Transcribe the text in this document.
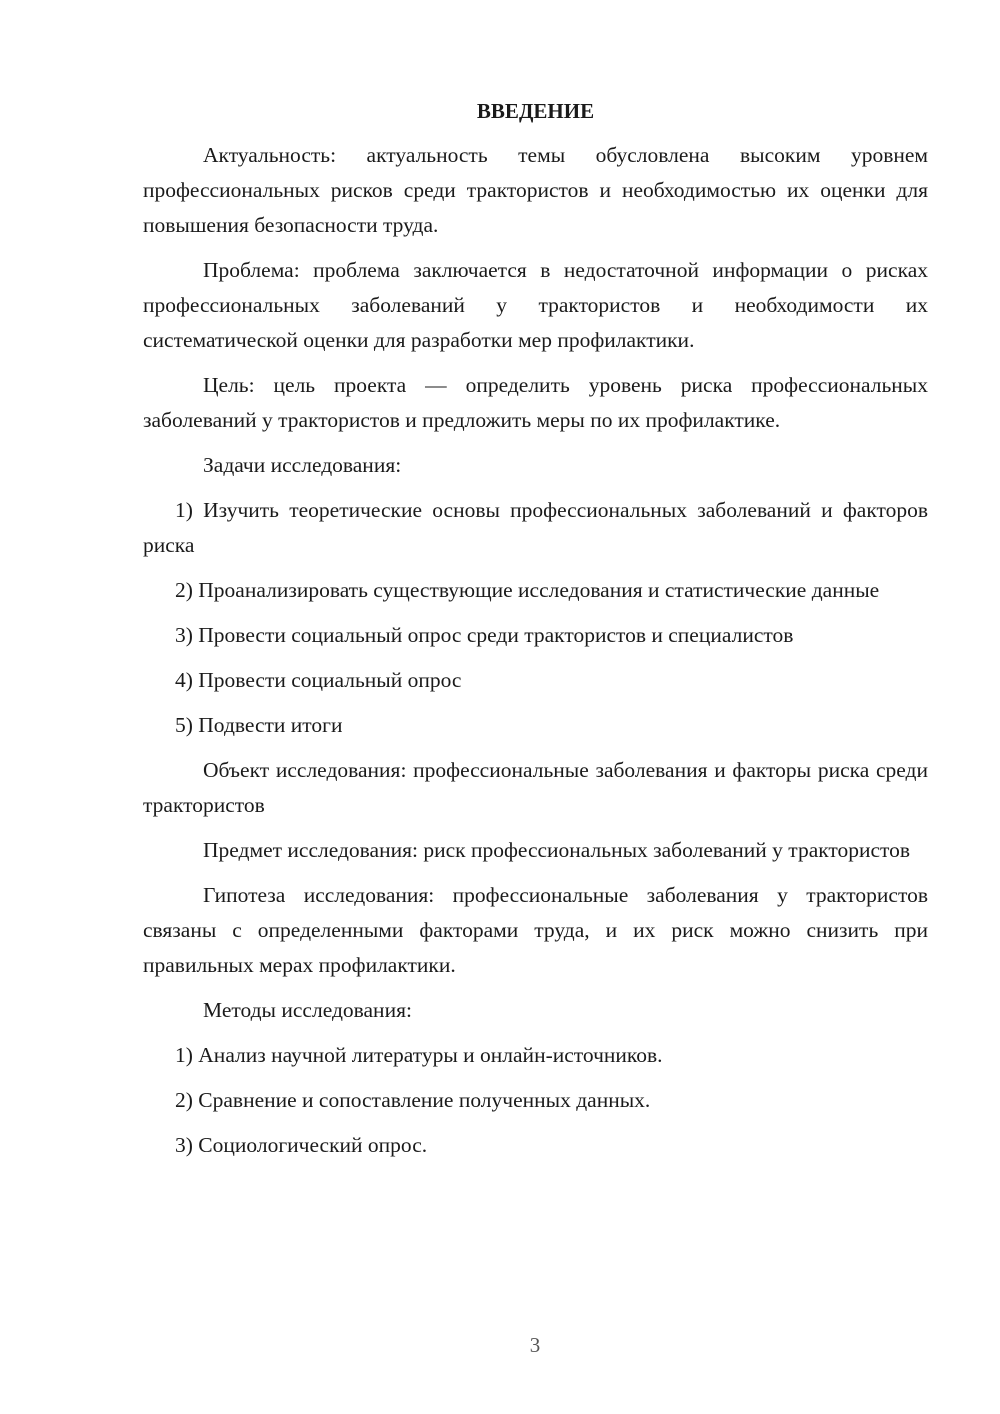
ВВЕДЕНИЕ

Актуальность: актуальность темы обусловлена высоким уровнем профессиональных рисков среди трактористов и необходимостью их оценки для повышения безопасности труда.

Проблема: проблема заключается в недостаточной информации о рисках профессиональных заболеваний у трактористов и необходимости их систематической оценки для разработки мер профилактики.

Цель: цель проекта — определить уровень риска профессиональных заболеваний у трактористов и предложить меры по их профилактике.

Задачи исследования:

1) Изучить теоретические основы профессиональных заболеваний и факторов риска

2) Проанализировать существующие исследования и статистические данные

3) Провести социальный опрос среди трактористов и специалистов

4) Провести социальный опрос

5) Подвести итоги

Объект исследования: профессиональные заболевания и факторы риска среди трактористов

Предмет исследования: риск профессиональных заболеваний у трактористов

Гипотеза исследования: профессиональные заболевания у трактористов связаны с определенными факторами труда, и их риск можно снизить при правильных мерах профилактики.

Методы исследования:

1) Анализ научной литературы и онлайн-источников.

2) Сравнение и сопоставление полученных данных.

3) Социологический опрос.

3
